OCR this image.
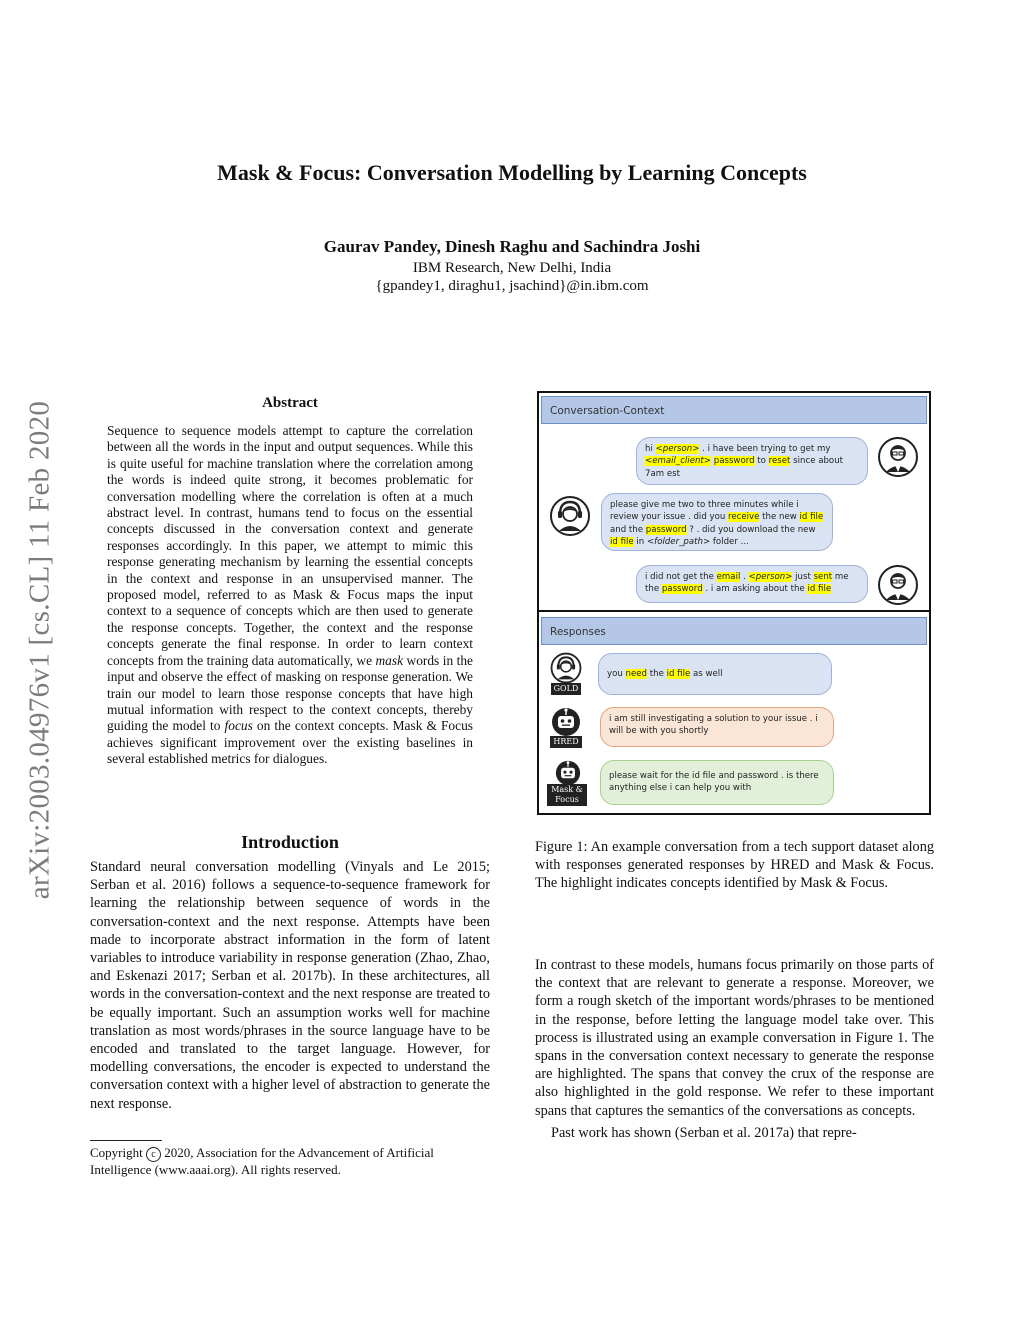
Mask & Focus: Conversation Modelling by Learning Concepts
Gaurav Pandey, Dinesh Raghu and Sachindra Joshi
IBM Research, New Delhi, India
{gpandey1, diraghu1, jsachind}@in.ibm.com
arXiv:2003.04976v1 [cs.CL] 11 Feb 2020	Abstract
Sequence to sequence models attempt to capture the correlation between all the words in the input and output sequences. While this is quite useful for machine translation where the correlation among the words is indeed quite strong, it becomes problematic for conversation modelling where the correlation is often at a much abstract level. In contrast, humans tend to focus on the essential concepts discussed in the conversation context and generate responses accordingly. In this paper, we attempt to mimic this response generating mechanism by learning the essential concepts in the context and response in an unsupervised manner. The proposed model, referred to as Mask & Focus maps the input context to a sequence of concepts which are then used to generate the response concepts. Together, the context and the response concepts generate the final response. In order to learn context concepts from the training data automatically, we mask words in the input and observe the effect of masking on response generation. We train our model to learn those response concepts that have high mutual information with respect to the context concepts, thereby guiding the model to focus on the context concepts. Mask & Focus achieves significant improvement over the existing baselines in several established metrics for dialogues.
Introduction
Standard neural conversation modelling (Vinyals and Le 2015; Serban et al. 2016) follows a sequence-to-sequence framework for learning the relationship between sequence of words in the conversation-context and the next response. Attempts have been made to incorporate abstract information in the form of latent variables to introduce variability in response generation (Zhao, Zhao, and Eskenazi 2017; Serban et al. 2017b). In these architectures, all words in the conversation-context and the next response are treated to be equally important. Such an assumption works well for machine translation as most words/phrases in the source language have to be encoded and translated to the target language. However, for modelling conversations, the encoder is expected to understand the conversation context with a higher level of abstraction to generate the next response.
Copyright c 2020, Association for the Advancement of Artificial Intelligence (www.aaai.org). All rights reserved.
Conversation-Context
Responses
hi <person> . i have been trying to get my <email_client> password to reset since about 7am est
please give me two to three minutes while i review your issue . did you receive the new id file and the password ? . did you download the new id file in <folder_path> folder ...
i did not get the email . <person> just sent me the password . i am asking about the id file
GOLD
you need the id file as well
HRED
i am still investigating a solution to your issue . i will be with you shortly
Mask &
Focus
please wait for the id file and password . is there anything else i can help you with
Figure 1: An example conversation from a tech support dataset along with responses generated responses by HRED and Mask & Focus. The highlight indicates concepts identified by Mask & Focus.
In contrast to these models, humans focus primarily on those parts of the context that are relevant to generate a response. Moreover, we form a rough sketch of the important words/phrases to be mentioned in the response, before letting the language model take over. This process is illustrated using an example conversation in Figure 1. The spans in the conversation context necessary to generate the response are highlighted. The spans that convey the crux of the response are also highlighted in the gold response. We refer to these important spans that captures the semantics of the conversations as concepts.
Past work has shown (Serban et al. 2017a) that repre-
